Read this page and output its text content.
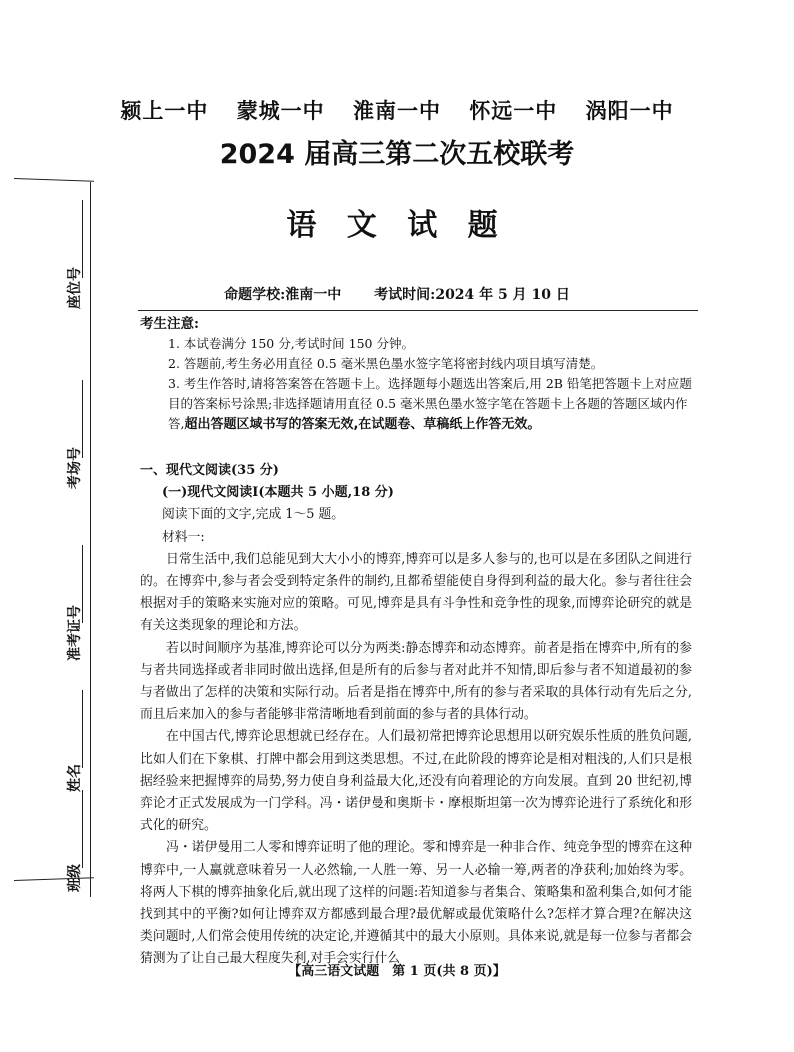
座位号
考场号
准考证号
姓名
班级
颍上一中 蒙城一中 淮南一中 怀远一中 涡阳一中
2024 届高三第二次五校联考
语 文 试 题
命题学校:淮南一中 考试时间:2024 年 5 月 10 日
考生注意:
1. 本试卷满分 150 分,考试时间 150 分钟。
2. 答题前,考生务必用直径 0.5 毫米黑色墨水签字笔将密封线内项目填写清楚。
3. 考生作答时,请将答案答在答题卡上。选择题每小题选出答案后,用 2B 铅笔把答题卡上对应题目的答案标号涂黑;非选择题请用直径 0.5 毫米黑色墨水签字笔在答题卡上各题的答题区域内作答,超出答题区域书写的答案无效,在试题卷、草稿纸上作答无效。
一、现代文阅读(35 分)
(一)现代文阅读Ⅰ(本题共 5 小题,18 分)
阅读下面的文字,完成 1～5 题。
材料一:
日常生活中,我们总能见到大大小小的博弈,博弈可以是多人参与的,也可以是在多团队之间进行的。在博弈中,参与者会受到特定条件的制约,且都希望能使自身得到利益的最大化。参与者往往会根据对手的策略来实施对应的策略。可见,博弈是具有斗争性和竞争性的现象,而博弈论研究的就是有关这类现象的理论和方法。
若以时间顺序为基准,博弈论可以分为两类:静态博弈和动态博弈。前者是指在博弈中,所有的参与者共同选择或者非同时做出选择,但是所有的后参与者对此并不知情,即后参与者不知道最初的参与者做出了怎样的决策和实际行动。后者是指在博弈中,所有的参与者采取的具体行动有先后之分,而且后来加入的参与者能够非常清晰地看到前面的参与者的具体行动。
在中国古代,博弈论思想就已经存在。人们最初常把博弈论思想用以研究娱乐性质的胜负问题,比如人们在下象棋、打牌中都会用到这类思想。不过,在此阶段的博弈论是相对粗浅的,人们只是根据经验来把握博弈的局势,努力使自身利益最大化,还没有向着理论的方向发展。直到 20 世纪初,博弈论才正式发展成为一门学科。冯・诺伊曼和奥斯卡・摩根斯坦第一次为博弈论进行了系统化和形式化的研究。
冯・诺伊曼用二人零和博弈证明了他的理论。零和博弈是一种非合作、纯竞争型的博弈在这种博弈中,一人赢就意味着另一人必然输,一人胜一筹、另一人必输一筹,两者的净获利;加始终为零。将两人下棋的博弈抽象化后,就出现了这样的问题:若知道参与者集合、策略集和盈利集合,如何才能找到其中的平衡?如何让博弈双方都感到最合理?最优解或最优策略什么?怎样才算合理?在解决这类问题时,人们常会使用传统的决定论,并遵循其中的最大小原则。具体来说,就是每一位参与者都会猜测为了让自己最大程度失利,对手会实行什么
【高三语文试题　第 1 页(共 8 页)】
